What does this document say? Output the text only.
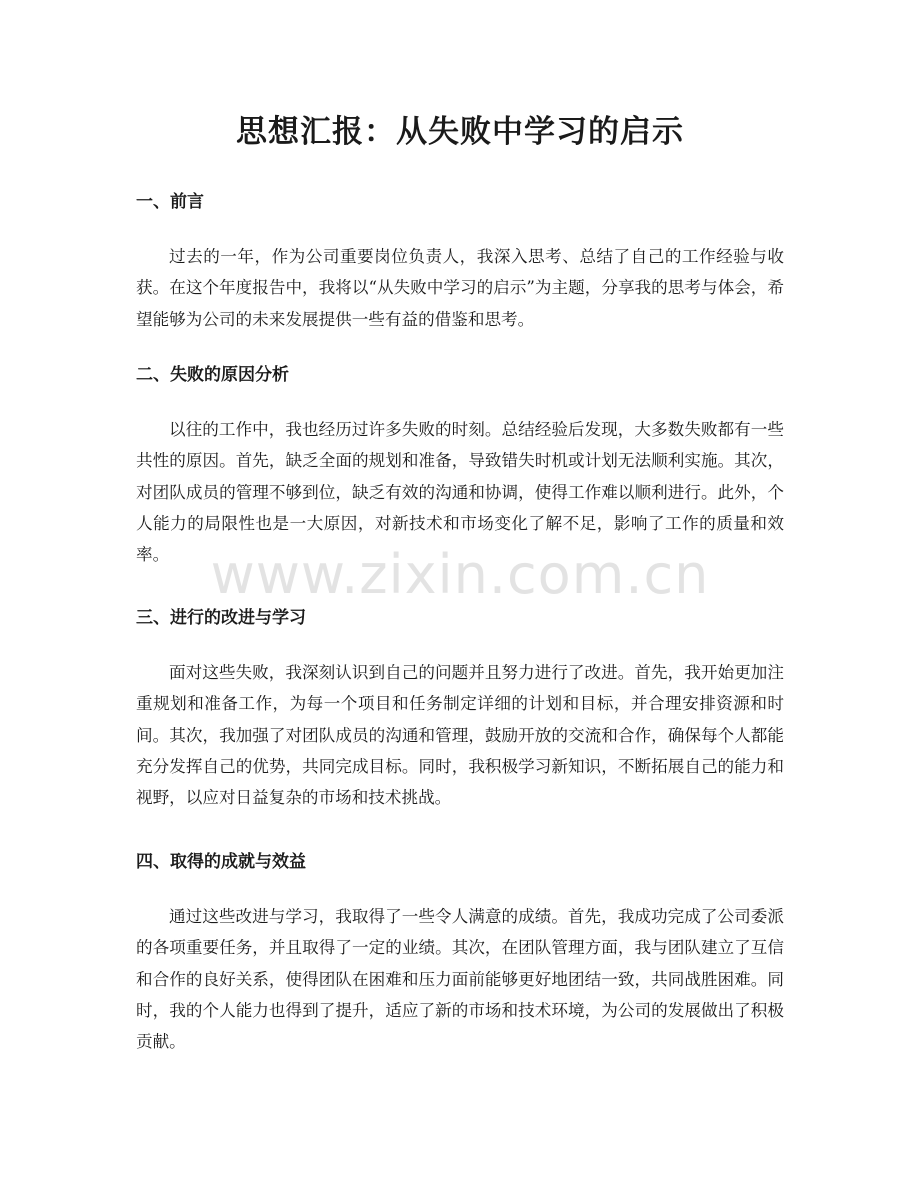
思想汇报：从失败中学习的启示
一、前言

过去的一年，作为公司重要岗位负责人，我深入思考、总结了自己的工作经验与收获。在这个年度报告中，我将以“从失败中学习的启示”为主题，分享我的思考与体会，希望能够为公司的未来发展提供一些有益的借鉴和思考。

二、失败的原因分析

以往的工作中，我也经历过许多失败的时刻。总结经验后发现，大多数失败都有一些共性的原因。首先，缺乏全面的规划和准备，导致错失时机或计划无法顺利实施。其次，对团队成员的管理不够到位，缺乏有效的沟通和协调，使得工作难以顺利进行。此外，个人能力的局限性也是一大原因，对新技术和市场变化了解不足，影响了工作的质量和效率。

三、进行的改进与学习

面对这些失败，我深刻认识到自己的问题并且努力进行了改进。首先，我开始更加注重规划和准备工作，为每一个项目和任务制定详细的计划和目标，并合理安排资源和时间。其次，我加强了对团队成员的沟通和管理，鼓励开放的交流和合作，确保每个人都能充分发挥自己的优势，共同完成目标。同时，我积极学习新知识，不断拓展自己的能力和视野，以应对日益复杂的市场和技术挑战。

四、取得的成就与效益

通过这些改进与学习，我取得了一些令人满意的成绩。首先，我成功完成了公司委派的各项重要任务，并且取得了一定的业绩。其次，在团队管理方面，我与团队建立了互信和合作的良好关系，使得团队在困难和压力面前能够更好地团结一致，共同战胜困难。同时，我的个人能力也得到了提升，适应了新的市场和技术环境，为公司的发展做出了积极贡献。

www.zixin.com.cn
